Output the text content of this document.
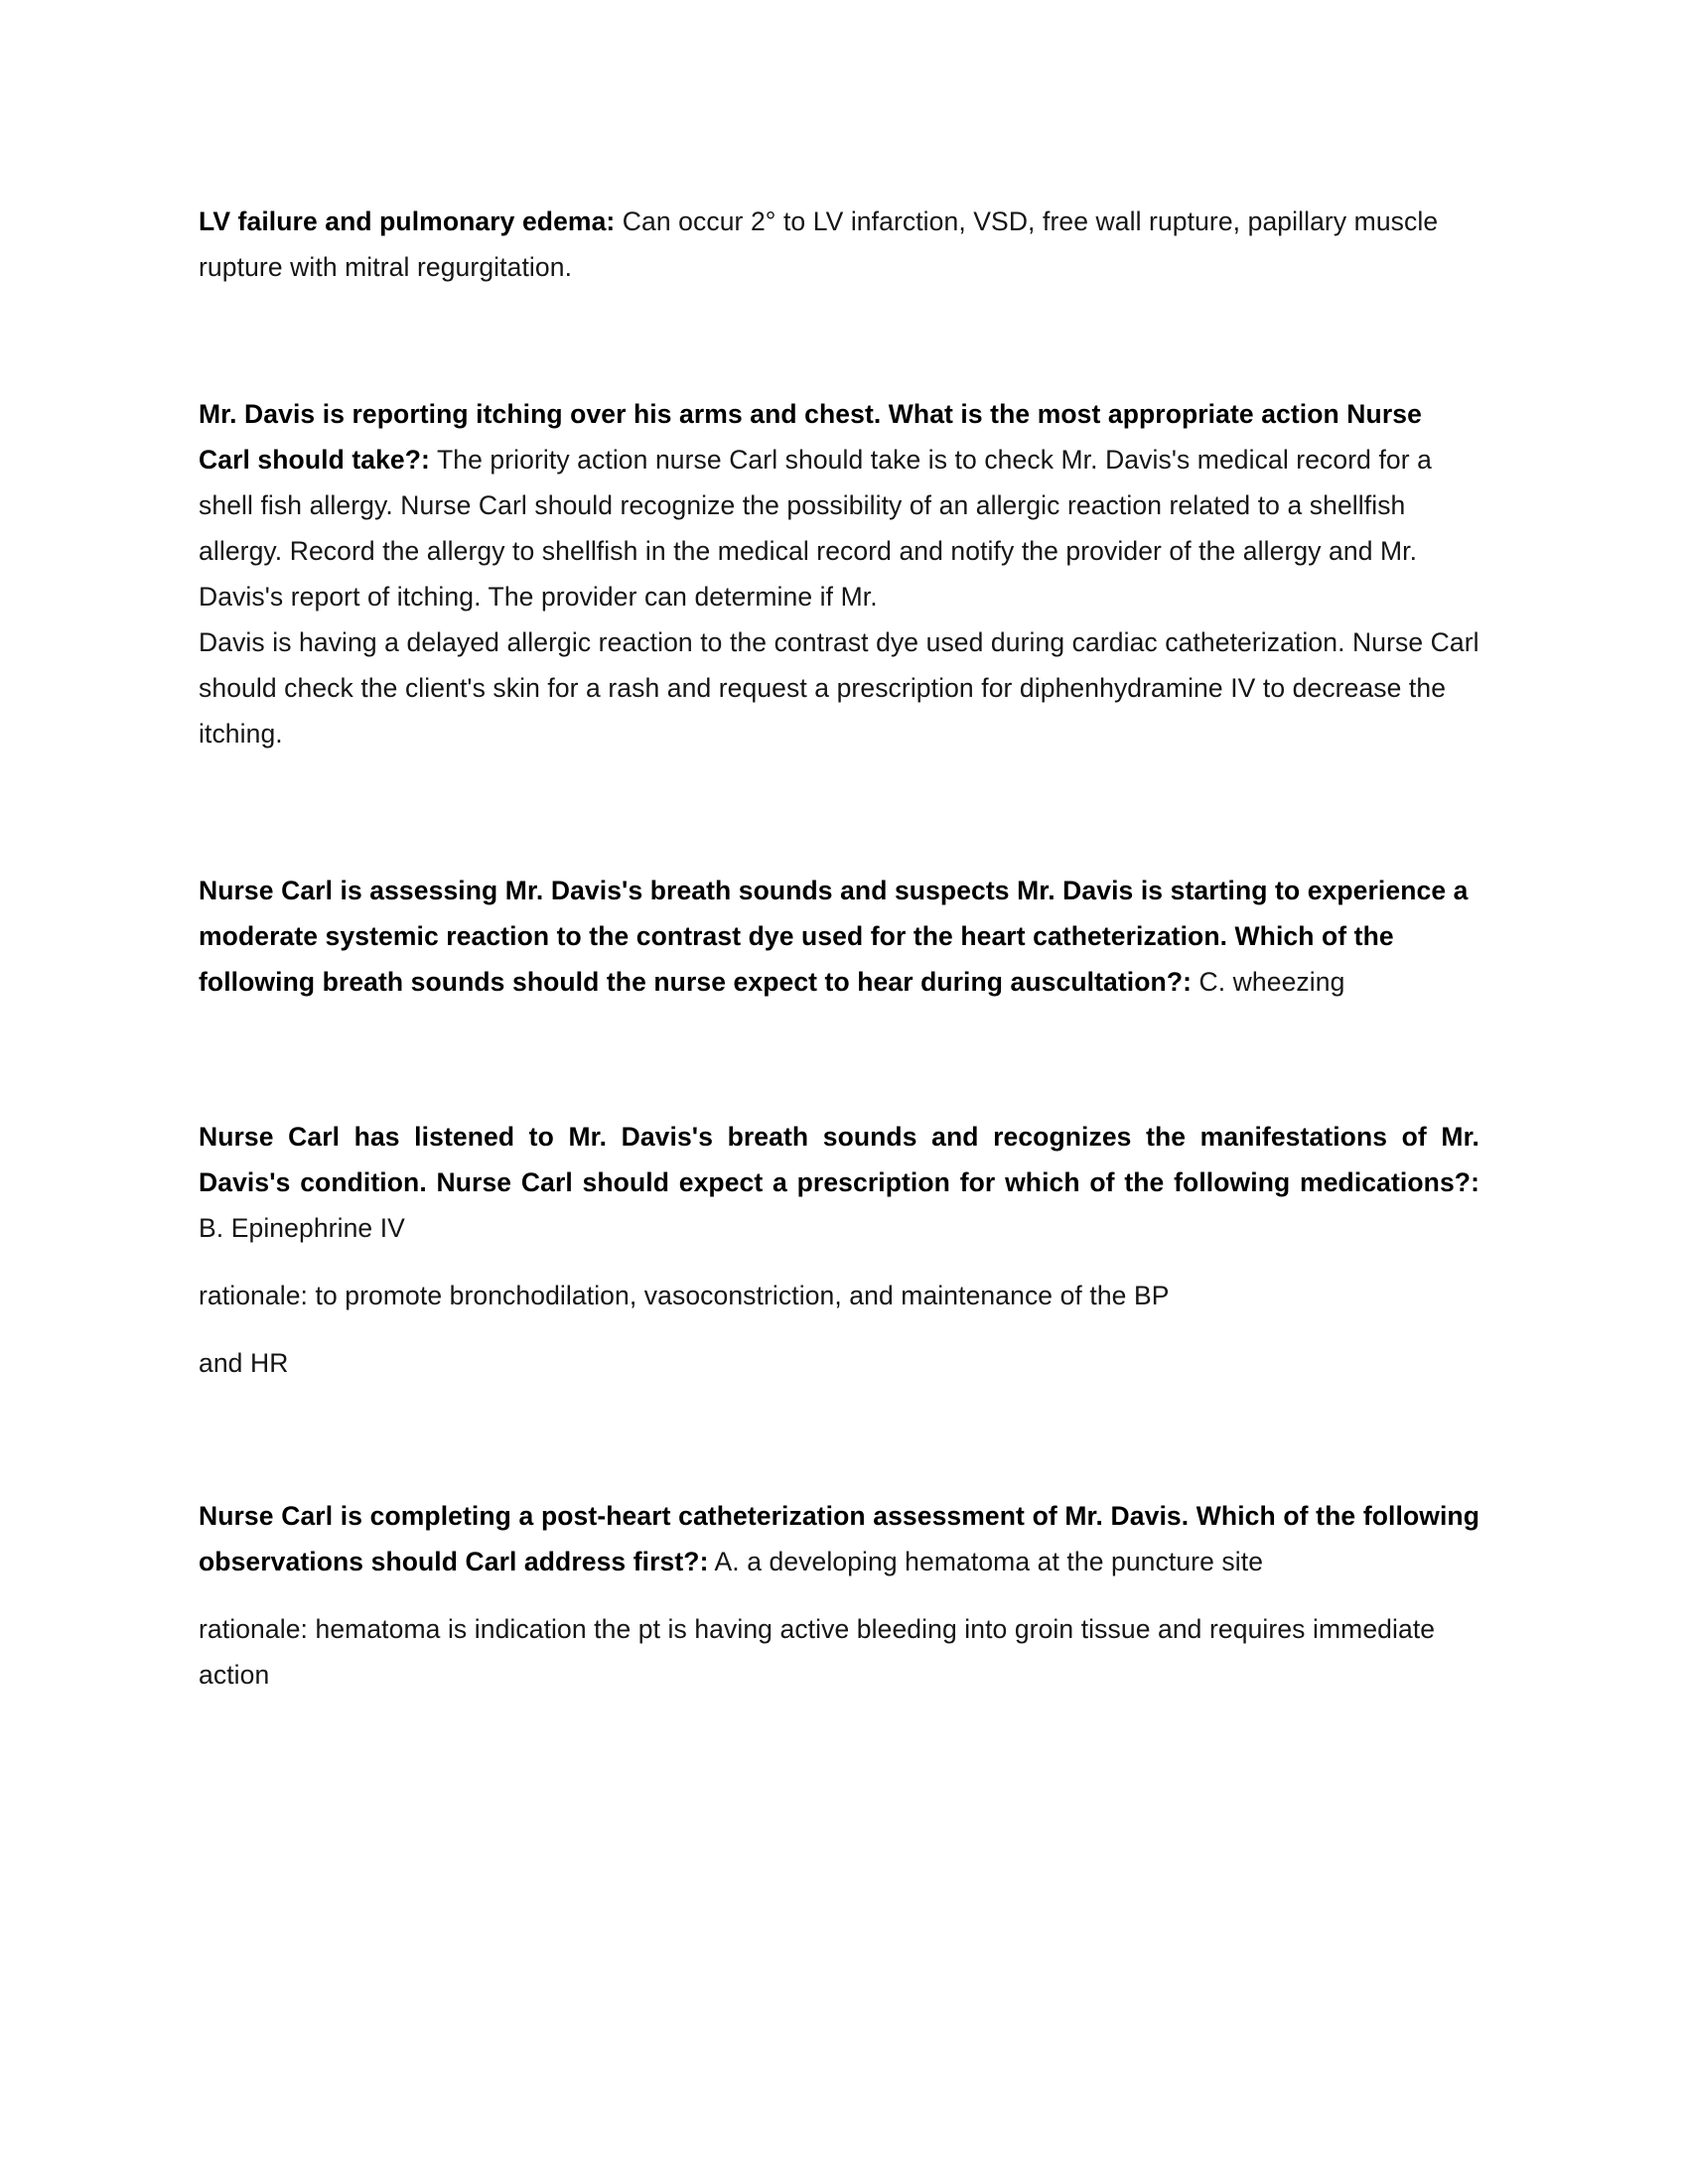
LV failure and pulmonary edema: Can occur 2° to LV infarction, VSD, free wall rupture, papillary muscle rupture with mitral regurgitation.

Mr. Davis is reporting itching over his arms and chest. What is the most appropriate action Nurse Carl should take?: The priority action nurse Carl should take is to check Mr. Davis's medical record for a shell fish allergy. Nurse Carl should recognize the possibility of an allergic reaction related to a shellfish

allergy. Record the allergy to shellfish in the medical record and notify the provider of the allergy and Mr. Davis's report of itching. The provider can determine if Mr.

Davis is having a delayed allergic reaction to the contrast dye used during cardiac catheterization. Nurse Carl should check the client's skin for a rash and request a prescription for diphenhydramine IV to decrease the itching.

Nurse Carl is assessing Mr. Davis's breath sounds and suspects Mr. Davis is starting to experience a moderate systemic reaction to the contrast dye used for the heart catheterization. Which of the following breath sounds should the nurse expect to hear during auscultation?: C. wheezing

Nurse Carl has listened to Mr. Davis's breath sounds and recognizes the manifestations of Mr. Davis's condition. Nurse Carl should expect a prescription for which of the following medications?: B. Epinephrine IV

rationale: to promote bronchodilation, vasoconstriction, and maintenance of the BP

and HR

Nurse Carl is completing a post-heart catheterization assessment of Mr. Davis. Which of the following observations should Carl address first?: A. a developing hematoma at the puncture site

rationale: hematoma is indication the pt is having active bleeding into groin tissue and requires immediate action
